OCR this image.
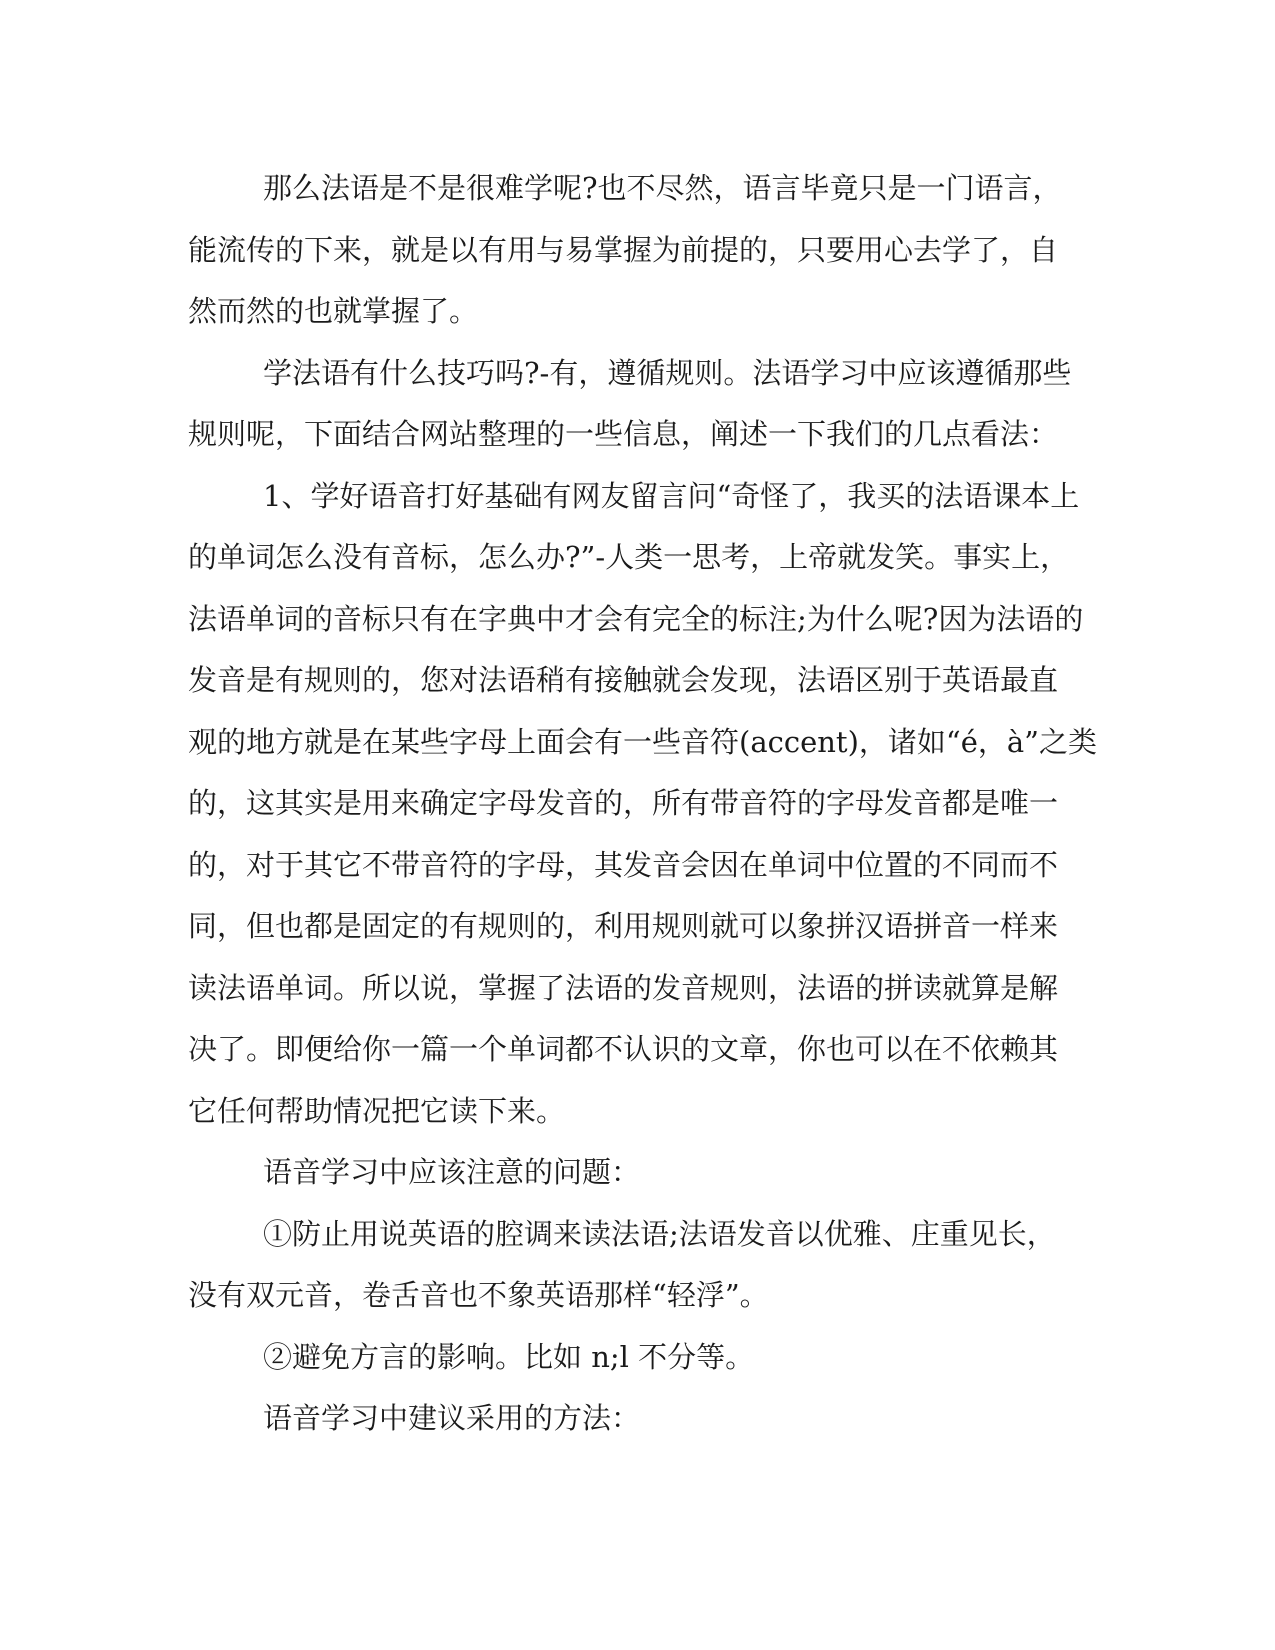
那么法语是不是很难学呢?也不尽然，语言毕竟只是一门语言，
能流传的下来，就是以有用与易掌握为前提的，只要用心去学了，自
然而然的也就掌握了。

学法语有什么技巧吗?-有，遵循规则。法语学习中应该遵循那些
规则呢，下面结合网站整理的一些信息，阐述一下我们的几点看法：

1、学好语音打好基础有网友留言问“奇怪了，我买的法语课本上
的单词怎么没有音标，怎么办?”-人类一思考，上帝就发笑。事实上，
法语单词的音标只有在字典中才会有完全的标注;为什么呢?因为法语的
发音是有规则的，您对法语稍有接触就会发现，法语区别于英语最直
观的地方就是在某些字母上面会有一些音符(accent)，诸如“é，à”之类
的，这其实是用来确定字母发音的，所有带音符的字母发音都是唯一
的，对于其它不带音符的字母，其发音会因在单词中位置的不同而不
同，但也都是固定的有规则的，利用规则就可以象拼汉语拼音一样来
读法语单词。所以说，掌握了法语的发音规则，法语的拼读就算是解
决了。即便给你一篇一个单词都不认识的文章，你也可以在不依赖其
它任何帮助情况把它读下来。

语音学习中应该注意的问题：

①防止用说英语的腔调来读法语;法语发音以优雅、庄重见长，
没有双元音，卷舌音也不象英语那样“轻浮”。

②避免方言的影响。比如 n;l 不分等。

语音学习中建议采用的方法：
